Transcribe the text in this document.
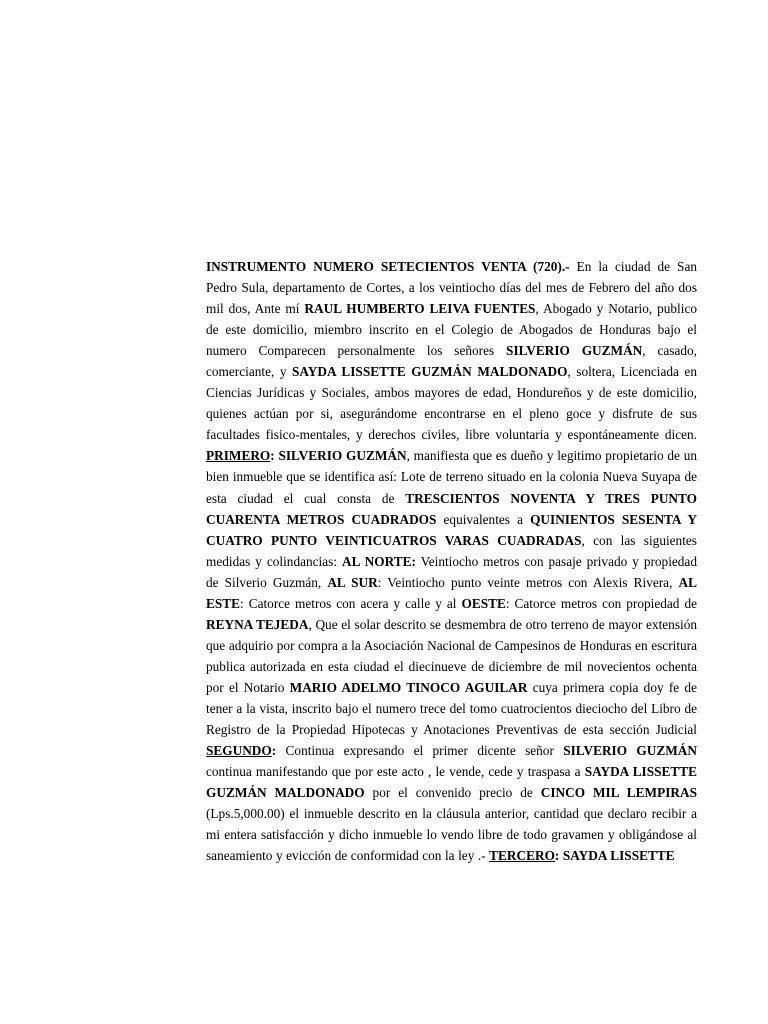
INSTRUMENTO NUMERO SETECIENTOS VENTA (720).- En la ciudad de San Pedro Sula, departamento de Cortes, a los veintiocho días del mes de Febrero del año dos mil dos, Ante mí RAUL HUMBERTO LEIVA FUENTES, Abogado y Notario, publico de este domicilio, miembro inscrito en el Colegio de Abogados de Honduras bajo el numero Comparecen personalmente los señores SILVERIO GUZMÁN, casado, comerciante, y SAYDA LISSETTE GUZMÁN MALDONADO, soltera, Licenciada en Ciencias Jurídicas y Sociales, ambos mayores de edad, Hondureños y de este domicilio, quienes actúan por si, asegurándome encontrarse en el pleno goce y disfrute de sus facultades fisico-mentales, y derechos civiles, libre voluntaria y espontáneamente dicen. PRIMERO: SILVERIO GUZMÁN, manifiesta que es dueño y legitimo propietario de un bien inmueble que se identifica así: Lote de terreno situado en la colonia Nueva Suyapa de esta ciudad el cual consta de TRESCIENTOS NOVENTA Y TRES PUNTO CUARENTA METROS CUADRADOS equivalentes a QUINIENTOS SESENTA Y CUATRO PUNTO VEINTICUATROS VARAS CUADRADAS, con las siguientes medidas y colindancias: AL NORTE: Veintiocho metros con pasaje privado y propiedad de Silverio Guzmán, AL SUR: Veintiocho punto veinte metros con Alexis Rivera, AL ESTE: Catorce metros con acera y calle y al OESTE: Catorce metros con propiedad de REYNA TEJEDA, Que el solar descrito se desmembra de otro terreno de mayor extensión que adquirio por compra a la Asociación Nacional de Campesinos de Honduras en escritura publica autorizada en esta ciudad el diecinueve de diciembre de mil novecientos ochenta por el Notario MARIO ADELMO TINOCO AGUILAR cuya primera copia doy fe de tener a la vista, inscrito bajo el numero trece del tomo cuatrocientos dieciocho del Libro de Registro de la Propiedad Hipotecas y Anotaciones Preventivas de esta sección Judicial SEGUNDO: Continua expresando el primer dicente señor SILVERIO GUZMÁN continua manifestando que por este acto , le vende, cede y traspasa a SAYDA LISSETTE GUZMÁN MALDONADO por el convenido precio de CINCO MIL LEMPIRAS (Lps.5,000.00) el inmueble descrito en la cláusula anterior, cantidad que declaro recibir a mi entera satisfacción y dicho inmueble lo vendo libre de todo gravamen y obligándose al saneamiento y evicción de conformidad con la ley .- TERCERO: SAYDA LISSETTE
